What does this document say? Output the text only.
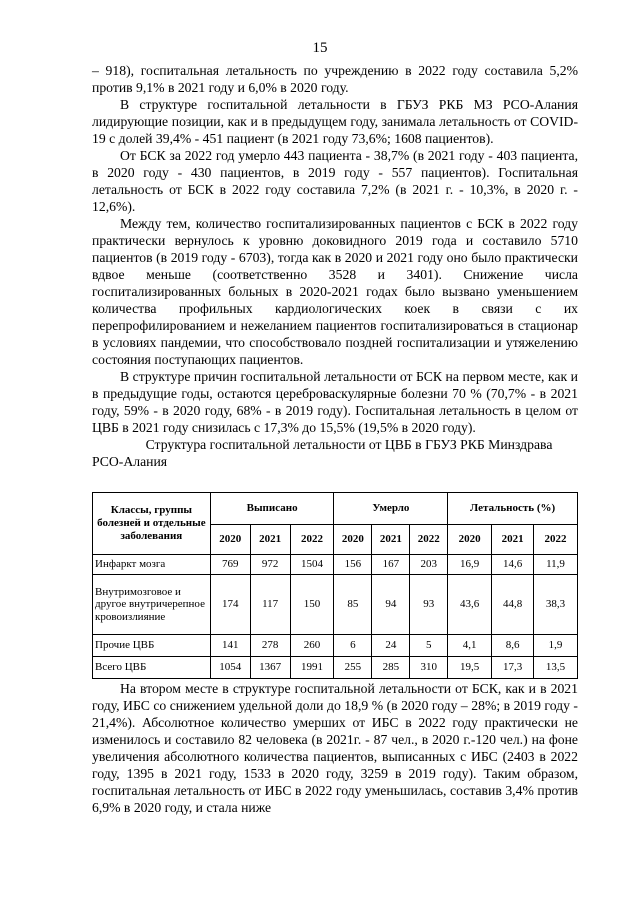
15

– 918), госпитальная летальность по учреждению в 2022 году составила 5,2% против 9,1% в 2021 году и 6,0% в 2020 году.

В структуре госпитальной летальности в ГБУЗ РКБ МЗ РСО-Алания лидирующие позиции, как и в предыдущем году, занимала летальность от COVID-19 с долей 39,4% - 451 пациент (в 2021 году 73,6%; 1608 пациентов).

От БСК за 2022 год умерло 443 пациента - 38,7% (в 2021 году - 403 пациента, в 2020 году - 430 пациентов, в 2019 году - 557 пациентов). Госпитальная летальность от БСК в 2022 году составила 7,2% (в 2021 г. - 10,3%, в 2020 г. - 12,6%).

Между тем, количество госпитализированных пациентов с БСК в 2022 году практически вернулось к уровню доковидного 2019 года и составило 5710 пациентов (в 2019 году - 6703), тогда как в 2020 и 2021 году оно было практически вдвое меньше (соответственно 3528 и 3401). Снижение числа госпитализированных больных в 2020-2021 годах было вызвано уменьшением количества профильных кардиологических коек в связи с их перепрофилированием и нежеланием пациентов госпитализироваться в стационар в условиях пандемии, что способствовало поздней госпитализации и утяжелению состояния поступающих пациентов.

В структуре причин госпитальной летальности от БСК на первом месте, как и в предыдущие годы, остаются цереброваскулярные болезни 70 % (70,7% - в 2021 году, 59% - в 2020 году, 68% - в 2019 году). Госпитальная летальность в целом от ЦВБ в 2021 году снизилась с 17,3% до 15,5% (19,5% в 2020 году).

Структура госпитальной летальности от ЦВБ в ГБУЗ РКБ Минздрава
РСО-Алания
Классы, группы болезней и отдельные заболевания	Выписано			Умерло			Летальность (%)		
	2020	2021	2022	2020	2021	2022	2020	2021	2022
Инфаркт мозга	769	972	1504	156	167	203	16,9	14,6	11,9
Внутримозговое и другое внутричерепное кровоизлияние	174	117	150	85	94	93	43,6	44,8	38,3
Прочие ЦВБ	141	278	260	6	24	5	4,1	8,6	1,9
Всего ЦВБ	1054	1367	1991	255	285	310	19,5	17,3	13,5

На втором месте в структуре госпитальной летальности от БСК, как и в 2021 году, ИБС со снижением удельной доли до 18,9 % (в 2020 году – 28%; в 2019 году - 21,4%). Абсолютное количество умерших от ИБС в 2022 году практически не изменилось и составило 82 человека (в 2021г. - 87 чел., в 2020 г.-120 чел.) на фоне увеличения абсолютного количества пациентов, выписанных с ИБС (2403 в 2022 году, 1395 в 2021 году, 1533 в 2020 году, 3259 в 2019 году). Таким образом, госпитальная летальность от ИБС в 2022 году уменьшилась, составив 3,4% против 6,9% в 2020 году, и стала ниже
